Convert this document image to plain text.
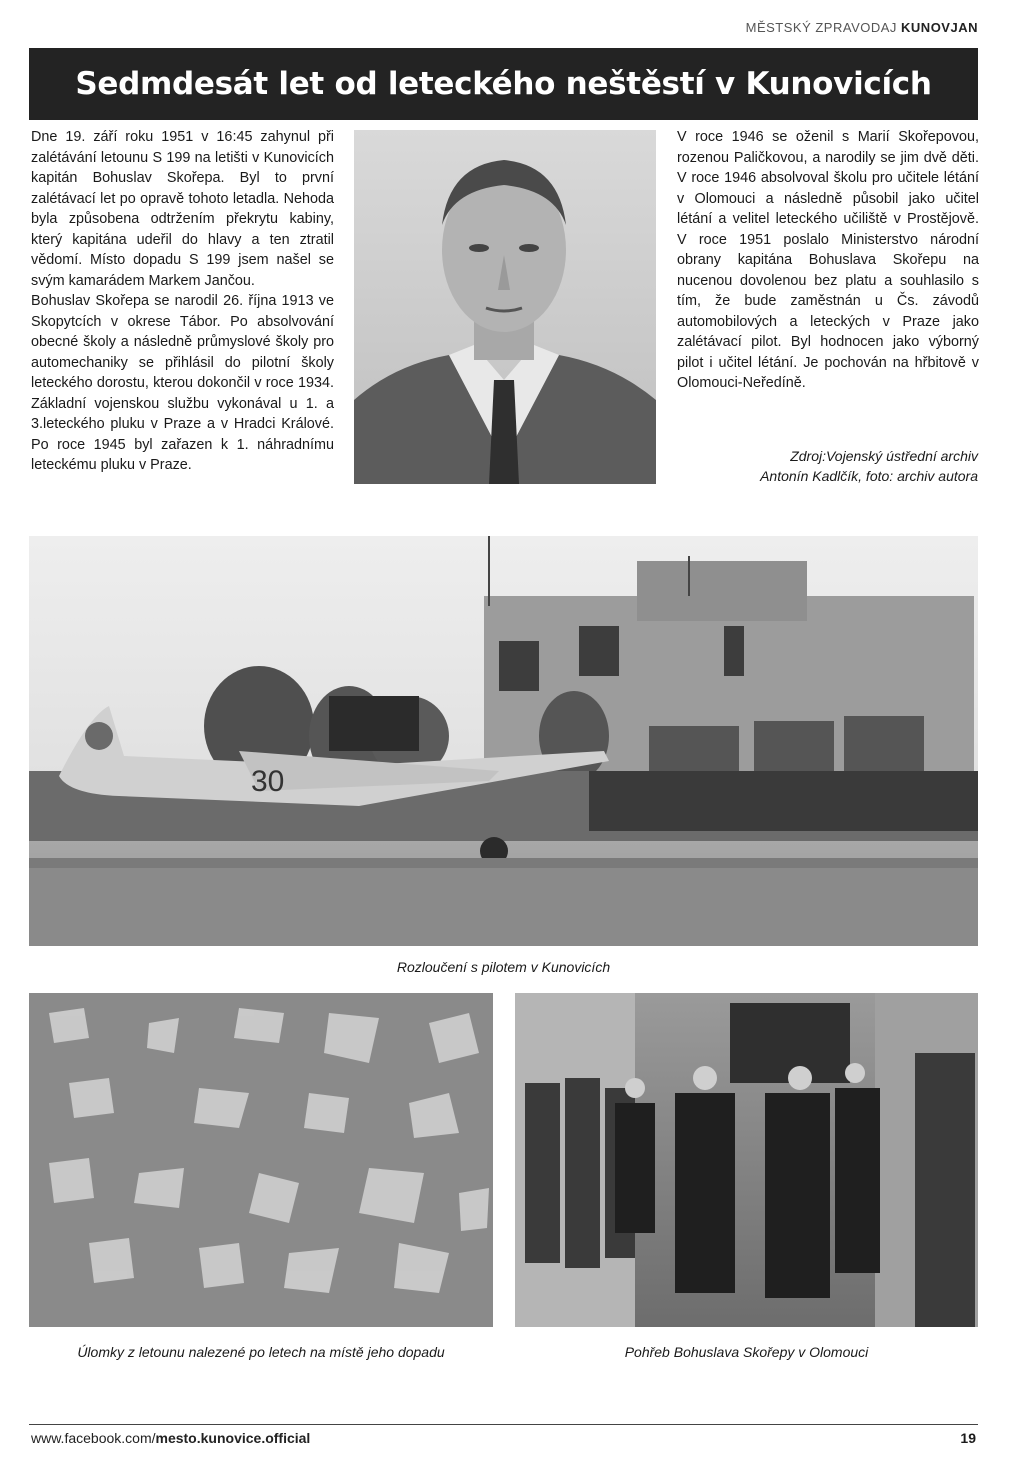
MĚSTSKÝ ZPRAVODAJ KUNOVJAN
Sedmdesát let od leteckého neštěstí v Kunovicích

Dne 19. září roku 1951 v 16:45 zahynul při zalétávání letounu S 199 na letišti v Kunovicích kapitán Bohuslav Skořepa. Byl to první zalétávací let po opravě tohoto letadla. Nehoda byla způsobena odtržením překrytu kabiny, který kapitána udeřil do hlavy a ten ztratil vědomí. Místo dopadu S 199 jsem našel se svým kamarádem Markem Jančou.

Bohuslav Skořepa se narodil 26. října 1913 ve Skopytcích v okrese Tábor. Po absolvování obecné školy a následně průmyslové školy pro automechaniky se přihlásil do pilotní školy leteckého dorostu, kterou dokončil v roce 1934. Základní vojenskou službu vykonával u 1. a 3.leteckého pluku v Praze a v Hradci Králové. Po roce 1945 byl zařazen k 1. náhradnímu leteckému pluku v Praze.

V roce 1946 se oženil s Marií Skořepovou, rozenou Paličkovou, a narodily se jim dvě děti. V roce 1946 absolvoval školu pro učitele létání v Olomouci a následně působil jako učitel létání a velitel leteckého učiliště v Prostějově. V roce 1951 poslalo Ministerstvo národní obrany kapitána Bohuslava Skořepu na nucenou dovolenou bez platu a souhlasilo s tím, že bude zaměstnán u Čs. závodů automobilových a leteckých v Praze jako zalétávací pilot. Byl hodnocen jako výborný pilot i učitel létání. Je pochován na hřbitově v Olomouci-Neředíně.

Zdroj:Vojenský ústřední archiv
Antonín Kadlčík, foto: archiv autora
30
Rozloučení s pilotem v Kunovicích
Úlomky z letounu nalezené po letech na místě jeho dopadu	Pohřeb Bohuslava Skořepy v Olomouci
www.facebook.com/mesto.kunovice.official	19
